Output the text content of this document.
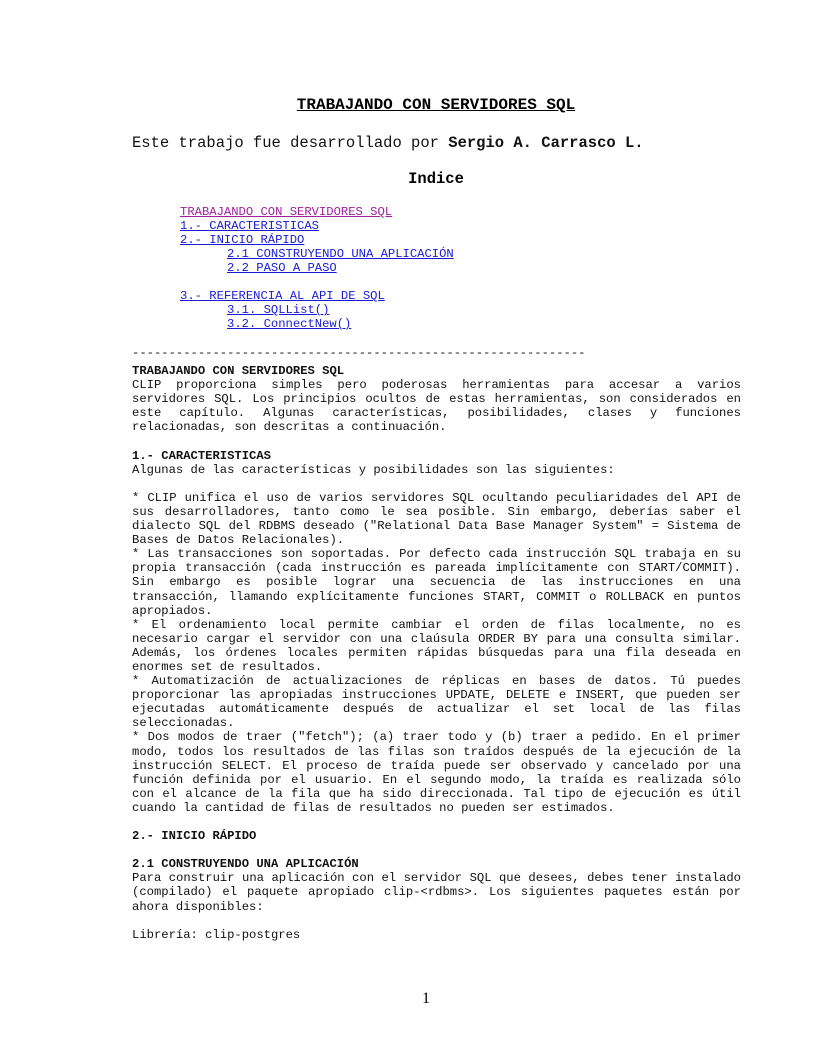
TRABAJANDO CON SERVIDORES SQL
Este trabajo fue desarrollado por Sergio A. Carrasco L.
Indice
TRABAJANDO CON SERVIDORES SQL
1.- CARACTERISTICAS
2.- INICIO RÁPIDO
2.1 CONSTRUYENDO UNA APLICACIÓN
2.2 PASO A PASO
3.- REFERENCIA AL API DE SQL
3.1. SQLList()
3.2. ConnectNew()
--------------------------------------------------------------

TRABAJANDO CON SERVIDORES SQL

CLIP proporciona simples pero poderosas herramientas para accesar a varios servidores SQL. Los principios ocultos de estas herramientas, son considerados en este capítulo. Algunas características, posibilidades, clases y funciones relacionadas, son descritas a continuación.

1.- CARACTERISTICAS

Algunas de las características y posibilidades son las siguientes:

* CLIP unifica el uso de varios servidores SQL ocultando peculiaridades del API de sus desarrolladores, tanto como le sea posible. Sin embargo, deberías saber el dialecto SQL del RDBMS deseado ("Relational Data Base Manager System" = Sistema de Bases de Datos Relacionales).

* Las transacciones son soportadas. Por defecto cada instrucción SQL trabaja en su propia transacción (cada instrucción es pareada implícitamente con START/COMMIT). Sin embargo es posible lograr una secuencia de las instrucciones en una transacción, llamando explícitamente funciones START, COMMIT o ROLLBACK en puntos apropiados.

* El ordenamiento local permite cambiar el orden de filas localmente, no es necesario cargar el servidor con una claúsula ORDER BY para una consulta similar. Además, los órdenes locales permiten rápidas búsquedas para una fila deseada en enormes set de resultados.

* Automatización de actualizaciones de réplicas en bases de datos. Tú puedes proporcionar las apropiadas instrucciones UPDATE, DELETE e INSERT, que pueden ser ejecutadas automáticamente después de actualizar el set local de las filas seleccionadas.

* Dos modos de traer ("fetch"); (a) traer todo y (b) traer a pedido. En el primer modo, todos los resultados de las filas son traídos después de la ejecución de la instrucción SELECT. El proceso de traída puede ser observado y cancelado por una función definida por el usuario. En el segundo modo, la traída es realizada sólo con el alcance de la fila que ha sido direccionada. Tal tipo de ejecución es útil cuando la cantidad de filas de resultados no pueden ser estimados.

2.- INICIO RÁPIDO

2.1 CONSTRUYENDO UNA APLICACIÓN

Para construir una aplicación con el servidor SQL que desees, debes tener instalado (compilado) el paquete apropiado clip-<rdbms>. Los siguientes paquetes están por ahora disponibles:

Librería: clip-postgres

1
